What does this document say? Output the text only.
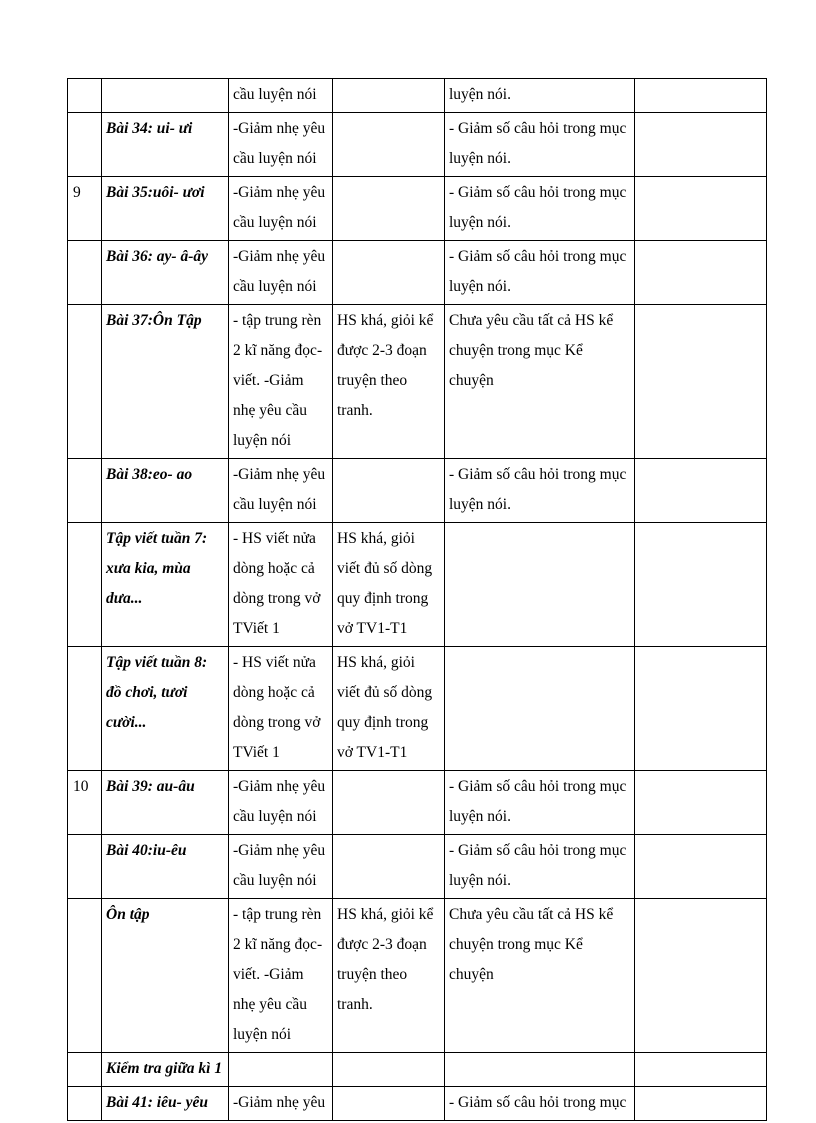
		cầu luyện nói		luyện nói.	
	Bài 34: ui- ưi	-Giảm nhẹ yêu cầu luyện nói		- Giảm số câu hỏi trong mục luyện nói.	
9	Bài 35:uôi- ươi	-Giảm nhẹ yêu cầu luyện nói		- Giảm số câu hỏi trong mục luyện nói.	
	Bài 36: ay- â-ây	-Giảm nhẹ yêu cầu luyện nói		- Giảm số câu hỏi trong mục luyện nói.	
	Bài 37:Ôn Tập	- tập trung rèn 2 kĩ năng đọc-viết. -Giảm nhẹ yêu cầu luyện nói	HS khá, giỏi kể được 2-3 đoạn truyện theo tranh.	Chưa yêu cầu tất cả HS kể chuyện trong mục Kể chuyện	
	Bài 38:eo- ao	-Giảm nhẹ yêu cầu luyện nói		- Giảm số câu hỏi trong mục luyện nói.	
	Tập viết tuần 7: xưa kia, mùa dưa...	- HS viết nửa dòng hoặc cả dòng trong vở TViết 1	HS khá, giỏi viết đủ số dòng quy định trong vở TV1-T1		
	Tập viết tuần 8: đồ chơi, tươi cười...	- HS viết nửa dòng hoặc cả dòng trong vở TViết 1	HS khá, giỏi viết đủ số dòng quy định trong vở TV1-T1		
10	Bài 39: au-âu	-Giảm nhẹ yêu cầu luyện nói		- Giảm số câu hỏi trong mục luyện nói.	
	Bài 40:iu-êu	-Giảm nhẹ yêu cầu luyện nói		- Giảm số câu hỏi trong mục luyện nói.	
	Ôn tập	- tập trung rèn 2 kĩ năng đọc-viết. -Giảm nhẹ yêu cầu luyện nói	HS khá, giỏi kể được 2-3 đoạn truyện theo tranh.	Chưa yêu cầu tất cả HS kể chuyện trong mục Kể chuyện	
	Kiểm tra giữa kì 1				
	Bài 41: iêu- yêu	-Giảm nhẹ yêu		- Giảm số câu hỏi trong mục	
